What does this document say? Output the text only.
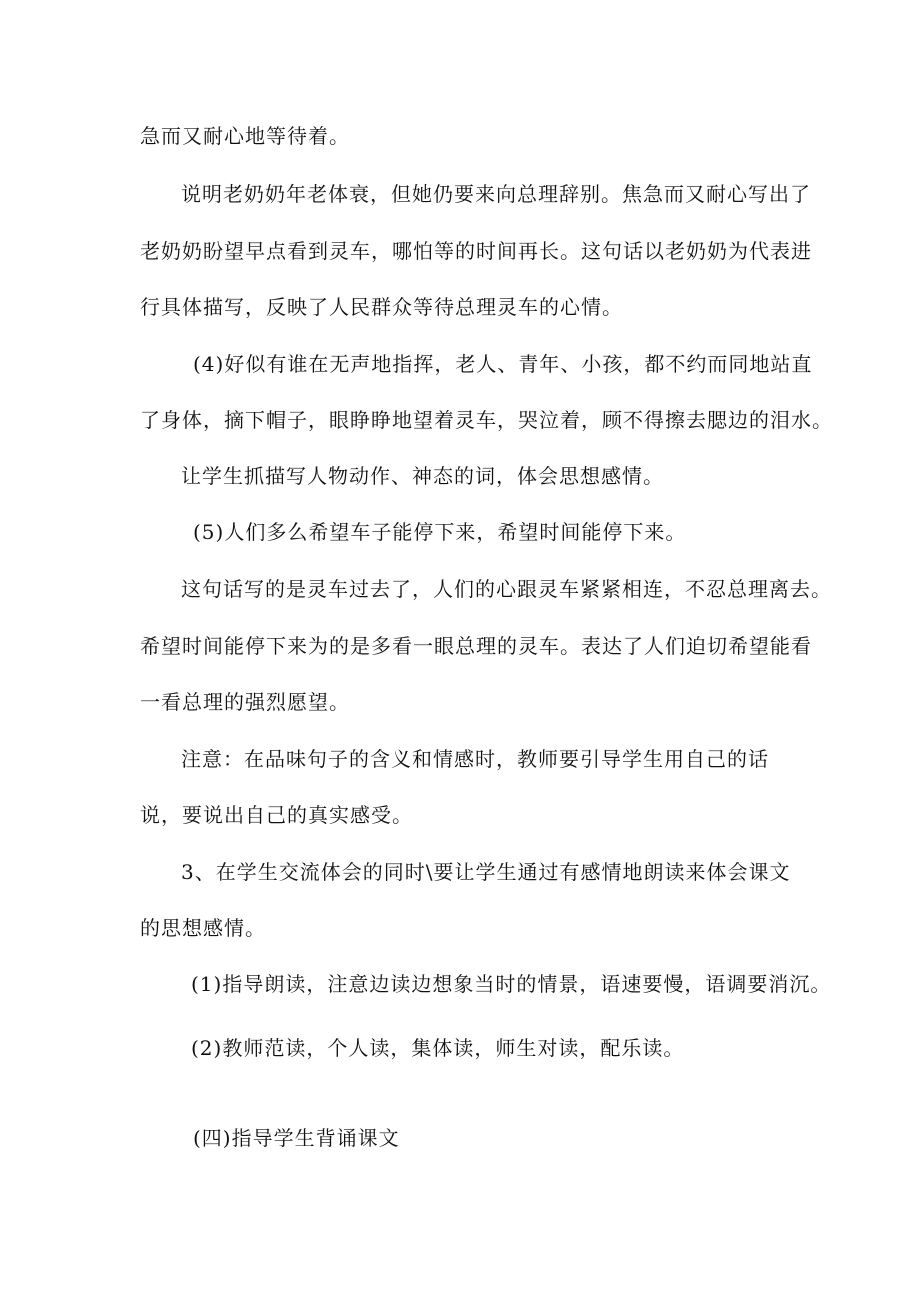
急而又耐心地等待着。
说明老奶奶年老体衰，但她仍要来向总理辞别。焦急而又耐心写出了
老奶奶盼望早点看到灵车，哪怕等的时间再长。这句话以老奶奶为代表进
行具体描写，反映了人民群众等待总理灵车的心情。
(4)好似有谁在无声地指挥，老人、青年、小孩，都不约而同地站直
了身体，摘下帽子，眼睁睁地望着灵车，哭泣着，顾不得擦去腮边的泪水。
让学生抓描写人物动作、神态的词，体会思想感情。
(5)人们多么希望车子能停下来，希望时间能停下来。
这句话写的是灵车过去了，人们的心跟灵车紧紧相连，不忍总理离去。
希望时间能停下来为的是多看一眼总理的灵车。表达了人们迫切希望能看
一看总理的强烈愿望。
注意：在品味句子的含义和情感时，教师要引导学生用自己的话
说，要说出自己的真实感受。
3、在学生交流体会的同时\要让学生通过有感情地朗读来体会课文
的思想感情。
(1)指导朗读，注意边读边想象当时的情景，语速要慢，语调要消沉。
(2)教师范读，个人读，集体读，师生对读，配乐读。
(四)指导学生背诵课文
